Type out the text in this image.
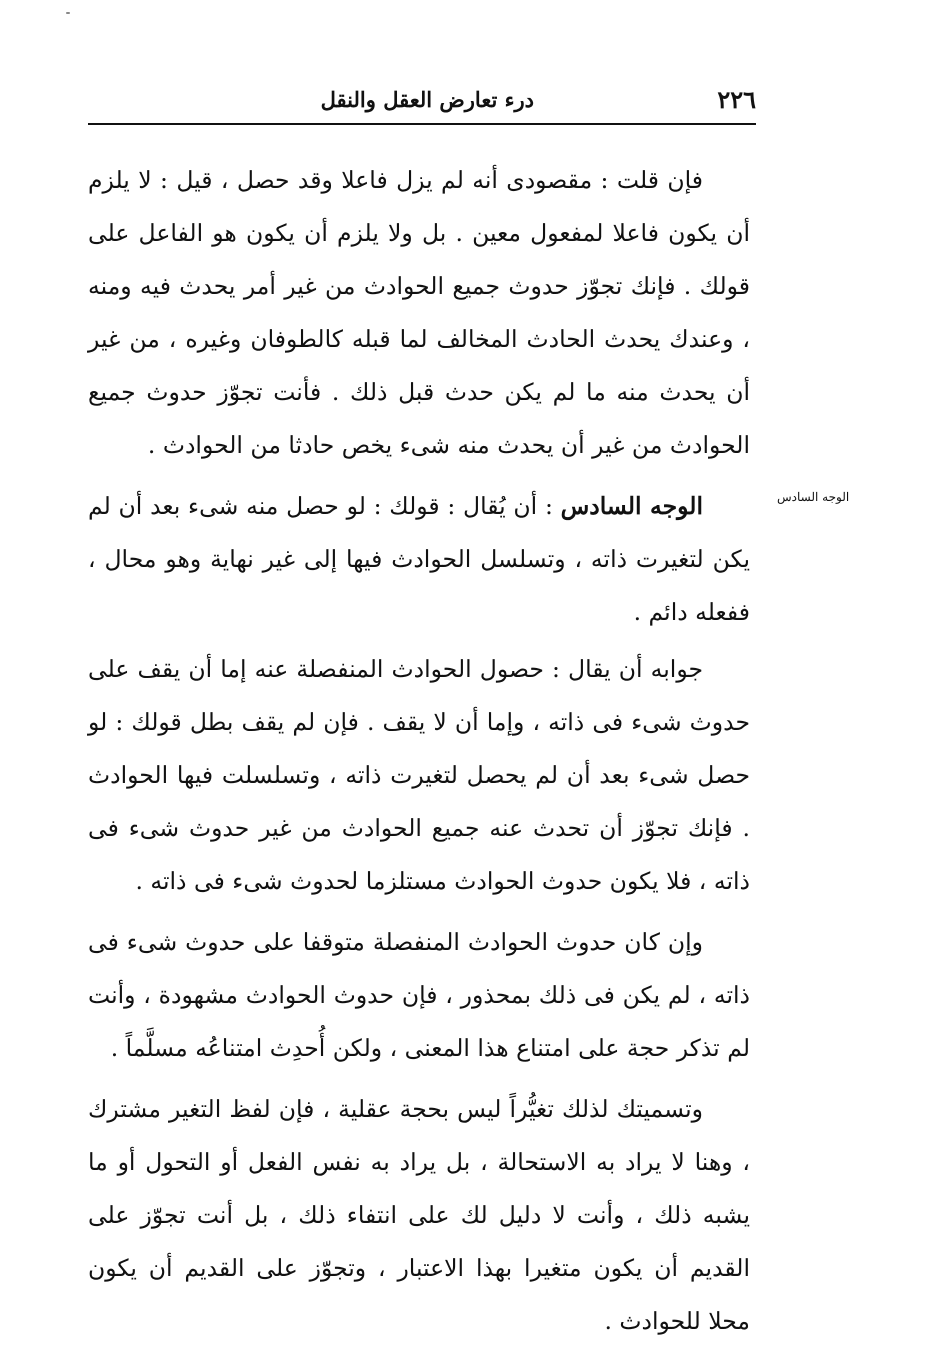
٢٢٦
درء تعارض العقل والنقل
الوجه السادس

فإن قلت : مقصودى أنه لم يزل فاعلا وقد حصل ، قيل : لا يلزم أن يكون فاعلا لمفعول معين . بل ولا يلزم أن يكون هو الفاعل على قولك . فإنك تجوّز حدوث جميع الحوادث من غير أمر يحدث فيه ومنه ، وعندك يحدث الحادث المخالف لما قبله كالطوفان وغيره ، من غير أن يحدث منه ما لم يكن حدث قبل ذلك . فأنت تجوّز حدوث جميع الحوادث من غير أن يحدث منه شىء يخص حادثا من الحوادث .

الوجه السادس : أن يُقال : قولك : لو حصل منه شىء بعد أن لم يكن لتغيرت ذاته ، وتسلسل الحوادث فيها إلى غير نهاية وهو محال ، ففعله دائم .

جوابه أن يقال : حصول الحوادث المنفصلة عنه إما أن يقف على حدوث شىء فى ذاته ، وإما أن لا يقف . فإن لم يقف بطل قولك : لو حصل شىء بعد أن لم يحصل لتغيرت ذاته ، وتسلسلت فيها الحوادث . فإنك تجوّز أن تحدث عنه جميع الحوادث من غير حدوث شىء فى ذاته ، فلا يكون حدوث الحوادث مستلزما لحدوث شىء فى ذاته .

وإن كان حدوث الحوادث المنفصلة متوقفا على حدوث شىء فى ذاته ، لم يكن فى ذلك بمحذور ، فإن حدوث الحوادث مشهودة ، وأنت لم تذكر حجة على امتناع هذا المعنى ، ولكن أُحدِث امتناعُه مسلَّماً .

وتسميتك لذلك تغيُّراً ليس بحجة عقلية ، فإن لفظ التغير مشترك ، وهنا لا يراد به الاستحالة ، بل يراد به نفس الفعل أو التحول أو ما يشبه ذلك ، وأنت لا دليل لك على انتفاء ذلك ، بل أنت تجوّز على القديم أن يكون متغيرا بهذا الاعتبار ، وتجوّز على القديم أن يكون محلا للحوادث .
